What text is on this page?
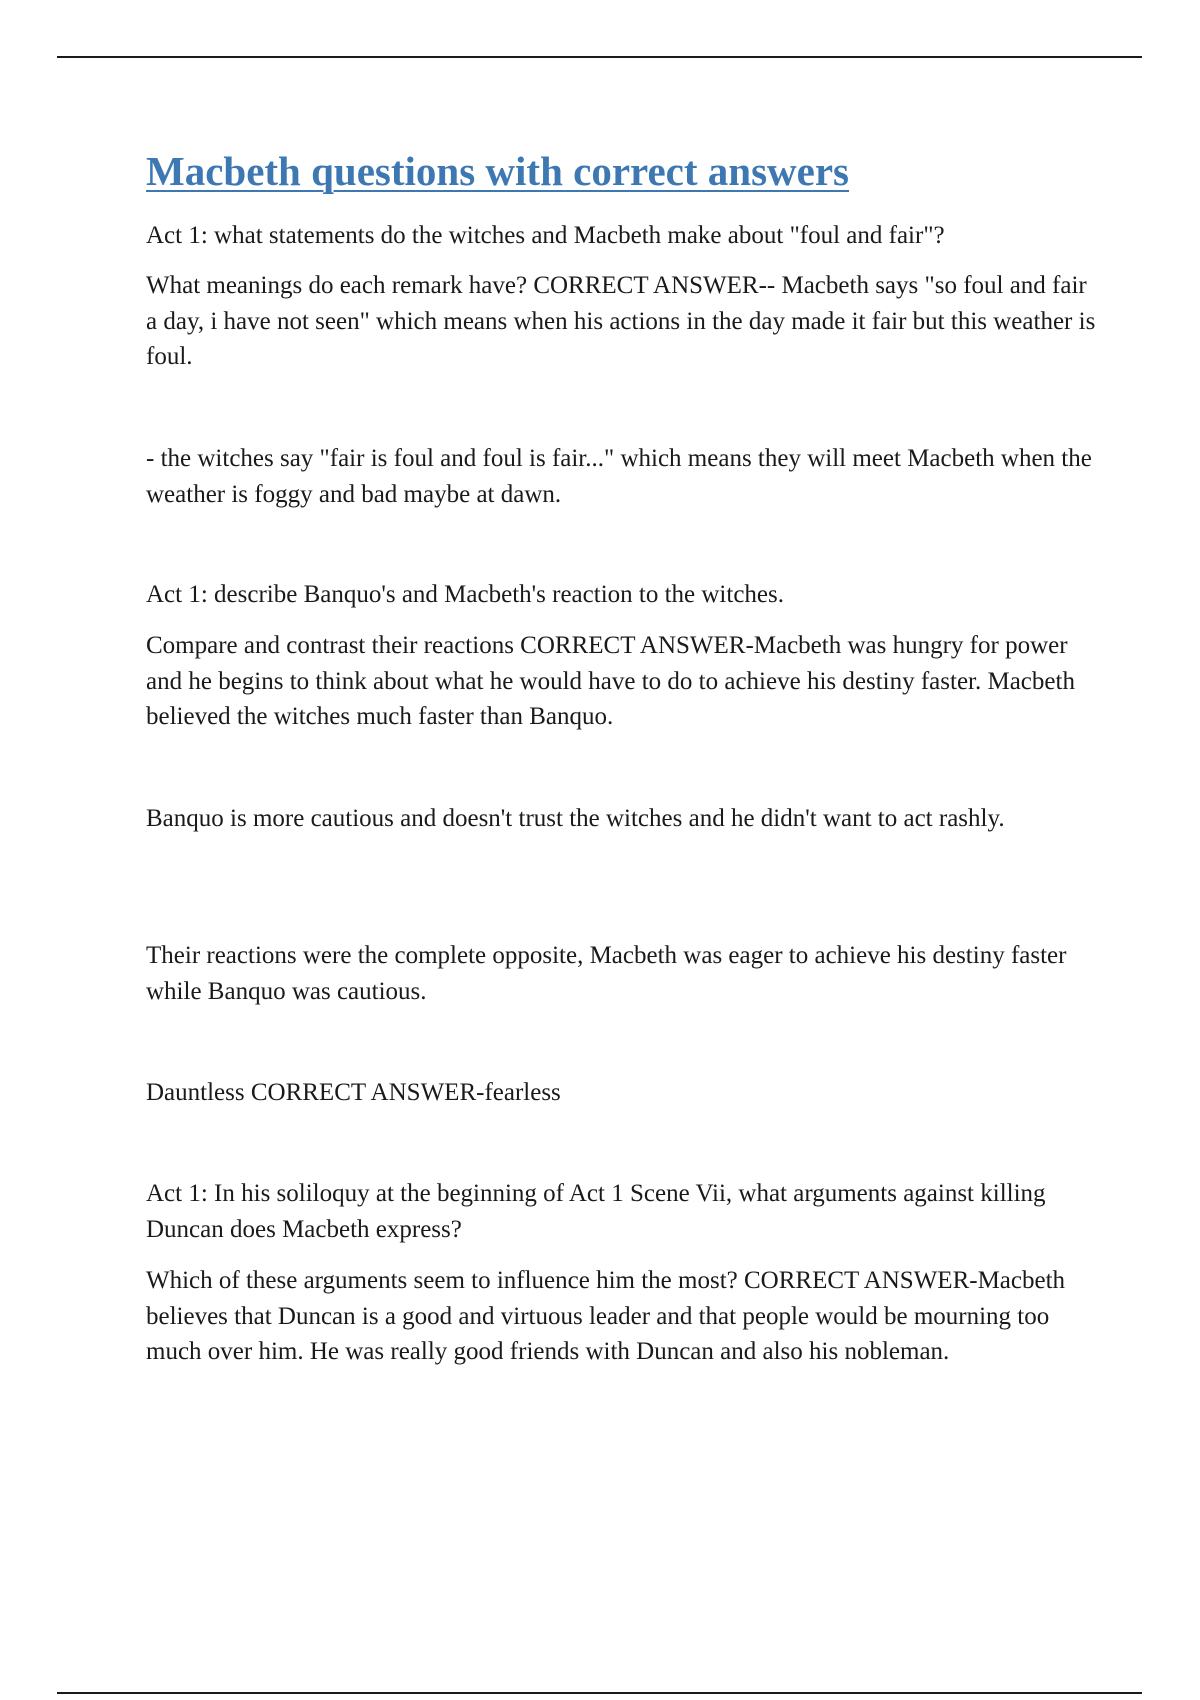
Macbeth questions with correct answers

Act 1: what statements do the witches and Macbeth make about "foul and fair"?

What meanings do each remark have? CORRECT ANSWER-- Macbeth says "so foul and fair a day, i have not seen" which means when his actions in the day made it fair but this weather is foul.

- the witches say "fair is foul and foul is fair..." which means they will meet Macbeth when the weather is foggy and bad maybe at dawn.

Act 1: describe Banquo's and Macbeth's reaction to the witches.

Compare and contrast their reactions CORRECT ANSWER-Macbeth was hungry for power and he begins to think about what he would have to do to achieve his destiny faster. Macbeth believed the witches much faster than Banquo.

Banquo is more cautious and doesn't trust the witches and he didn't want to act rashly.

Their reactions were the complete opposite, Macbeth was eager to achieve his destiny faster while Banquo was cautious.

Dauntless CORRECT ANSWER-fearless

Act 1: In his soliloquy at the beginning of Act 1 Scene Vii, what arguments against killing Duncan does Macbeth express?

Which of these arguments seem to influence him the most? CORRECT ANSWER-Macbeth believes that Duncan is a good and virtuous leader and that people would be mourning too much over him. He was really good friends with Duncan and also his nobleman.
